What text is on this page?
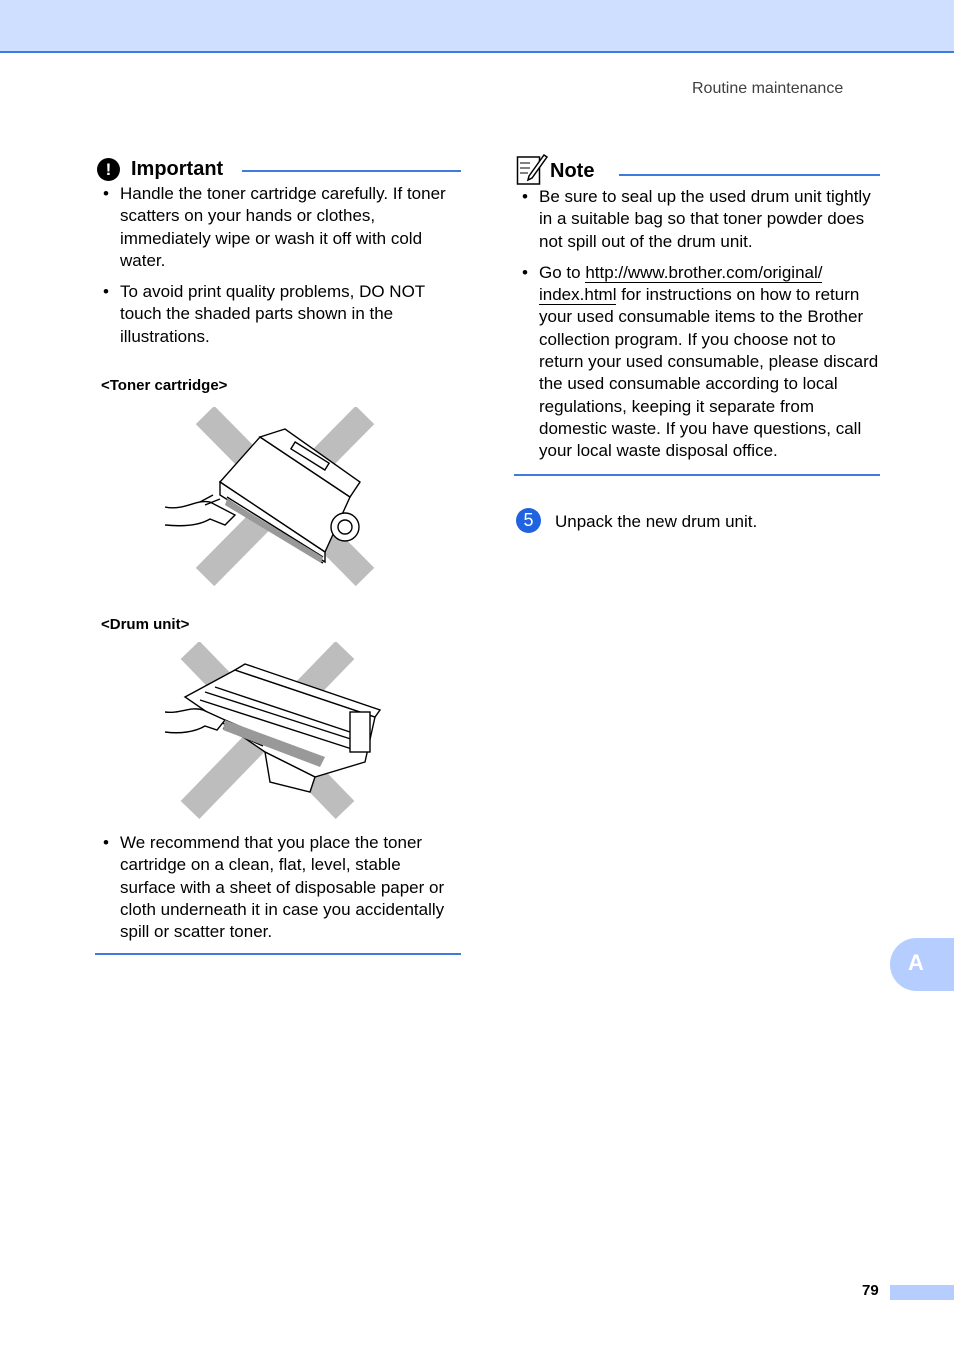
Routine maintenance
! Important
• Handle the toner cartridge carefully. If toner scatters on your hands or clothes, immediately wipe or wash it off with cold water.
• To avoid print quality problems, DO NOT touch the shaded parts shown in the illustrations.
<Toner cartridge>
<Drum unit>
• We recommend that you place the toner cartridge on a clean, flat, level, stable surface with a sheet of disposable paper or cloth underneath it in case you accidentally spill or scatter toner.
Note
• Be sure to seal up the used drum unit tightly in a suitable bag so that toner powder does not spill out of the drum unit.
• Go to http://www.brother.com/original/
index.html for instructions on how to return your used consumable items to the Brother collection program. If you choose not to return your used consumable, please discard the used consumable according to local regulations, keeping it separate from domestic waste. If you have questions, call your local waste disposal office.
5	Unpack the new drum unit.
A
79
